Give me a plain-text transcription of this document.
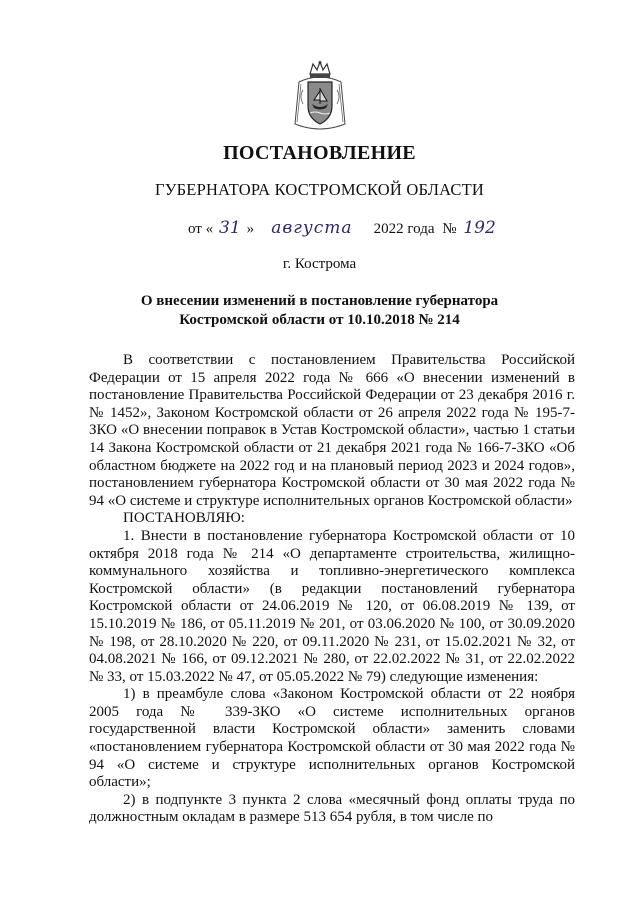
ПОСТАНОВЛЕНИЕ
ГУБЕРНАТОРА КОСТРОМСКОЙ ОБЛАСТИ
от « 31 » августа 2022 года № 192
г. Кострома
О внесении изменений в постановление губернатора
Костромской области от 10.10.2018 № 214

В соответствии с постановлением Правительства Российской Федерации от 15 апреля 2022 года № 666 «О внесении изменений в постановление Правительства Российской Федерации от 23 декабря 2016 г. № 1452», Законом Костромской области от 26 апреля 2022 года № 195-7-ЗКО «О внесении поправок в Устав Костромской области», частью 1 статьи 14 Закона Костромской области от 21 декабря 2021 года № 166-7-ЗКО «Об областном бюджете на 2022 год и на плановый период 2023 и 2024 годов», постановлением губернатора Костромской области от 30 мая 2022 года № 94 «О системе и структуре исполнительных органов Костромской области»

ПОСТАНОВЛЯЮ:

1. Внести в постановление губернатора Костромской области от 10 октября 2018 года № 214 «О департаменте строительства, жилищно-коммунального хозяйства и топливно-энергетического комплекса Костромской области» (в редакции постановлений губернатора Костромской области от 24.06.2019 № 120, от 06.08.2019 № 139, от 15.10.2019 № 186, от 05.11.2019 № 201, от 03.06.2020 № 100, от 30.09.2020 № 198, от 28.10.2020 № 220, от 09.11.2020 № 231, от 15.02.2021 № 32, от 04.08.2021 № 166, от 09.12.2021 № 280, от 22.02.2022 № 31, от 22.02.2022 № 33, от 15.03.2022 № 47, от 05.05.2022 № 79) следующие изменения:

1) в преамбуле слова «Законом Костромской области от 22 ноября 2005 года № 339-ЗКО «О системе исполнительных органов государственной власти Костромской области» заменить словами «постановлением губернатора Костромской области от 30 мая 2022 года № 94 «О системе и структуре исполнительных органов Костромской области»;

2) в подпункте 3 пункта 2 слова «месячный фонд оплаты труда по должностным окладам в размере 513 654 рубля, в том числе по
